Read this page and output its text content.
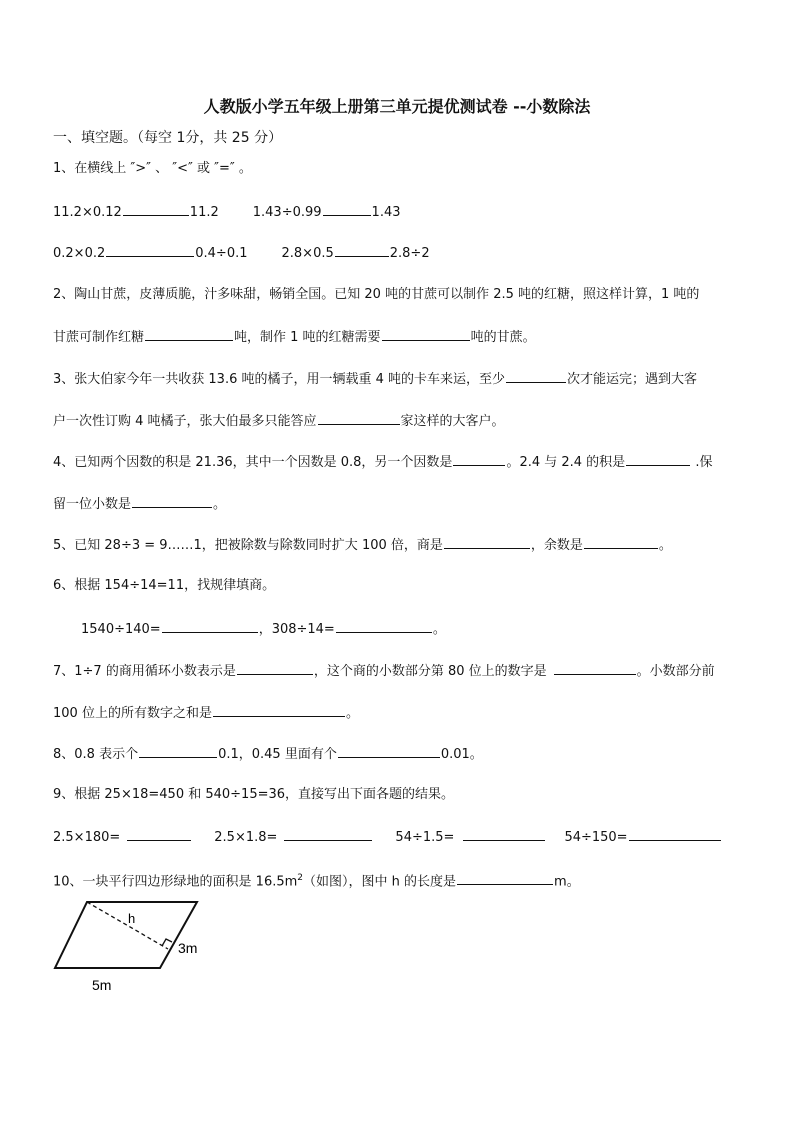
人教版小学五年级上册第三单元提优测试卷 --小数除法
一、填空题。（每空 1分，共 25 分）
1、在横线上 ″>″ 、 ″<″ 或 ″=″ 。
11.2×0.12	11.2	1.43÷0.99	1.43
0.2×0.2	0.4÷0.1	2.8×0.5	2.8÷2
2、陶山甘蔗，皮薄质脆，汁多味甜，畅销全国。已知 20 吨的甘蔗可以制作 2.5 吨的红糖，照这样计算，1 吨的
甘蔗可制作红糖	吨，制作 1 吨的红糖需要	吨的甘蔗。
3、张大伯家今年一共收获 13.6 吨的橘子，用一辆载重 4 吨的卡车来运，至少	次才能运完；遇到大客
户一次性订购 4 吨橘子，张大伯最多只能答应	家这样的大客户。
4、已知两个因数的积是 21.36，其中一个因数是 0.8，另一个因数是	。2.4 与 2.4 的积是	.保
留一位小数是	。
5、已知 28÷3 = 9……1，把被除数与除数同时扩大 100 倍，商是	，余数是	。
6、根据 154÷14=11，找规律填商。
1540÷140=	，308÷14=	。
7、1÷7 的商用循环小数表示是	，这个商的小数部分第 80 位上的数字是	。小数部分前
100 位上的所有数字之和是	。
8、0.8 表示个	0.1，0.45 里面有个	0.01。
9、根据 25×18=450 和 540÷15=36，直接写出下面各题的结果。
2.5×180=	2.5×1.8=	54÷1.5=	54÷150=
10、一块平行四边形绿地的面积是 $16.5m^2$（如图），图中 h 的长度是	m。
h
3m
5m
